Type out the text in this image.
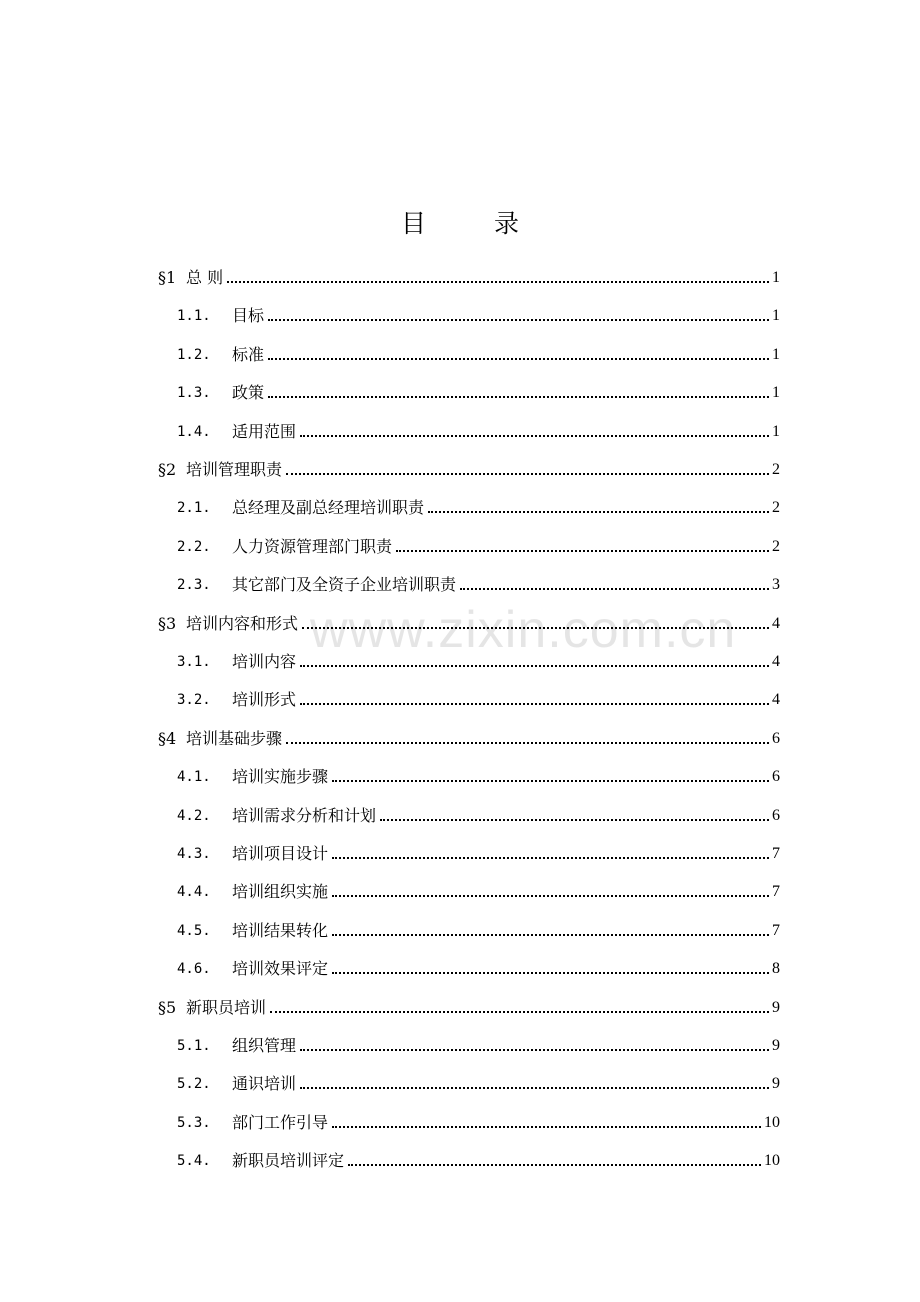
目 录
§1 总 则	1
1.1. 目标	1
1.2. 标准	1
1.3. 政策	1
1.4. 适用范围	1
§2 培训管理职责	2
2.1. 总经理及副总经理培训职责	2
2.2. 人力资源管理部门职责	2
2.3. 其它部门及全资子企业培训职责	3
§3 培训内容和形式	4
3.1. 培训内容	4
3.2. 培训形式	4
§4 培训基础步骤	6
4.1. 培训实施步骤	6
4.2. 培训需求分析和计划	6
4.3. 培训项目设计	7
4.4. 培训组织实施	7
4.5. 培训结果转化	7
4.6. 培训效果评定	8
§5 新职员培训	9
5.1. 组织管理	9
5.2. 通识培训	9
5.3. 部门工作引导	10
5.4. 新职员培训评定	10
www.zixin.com.cn
